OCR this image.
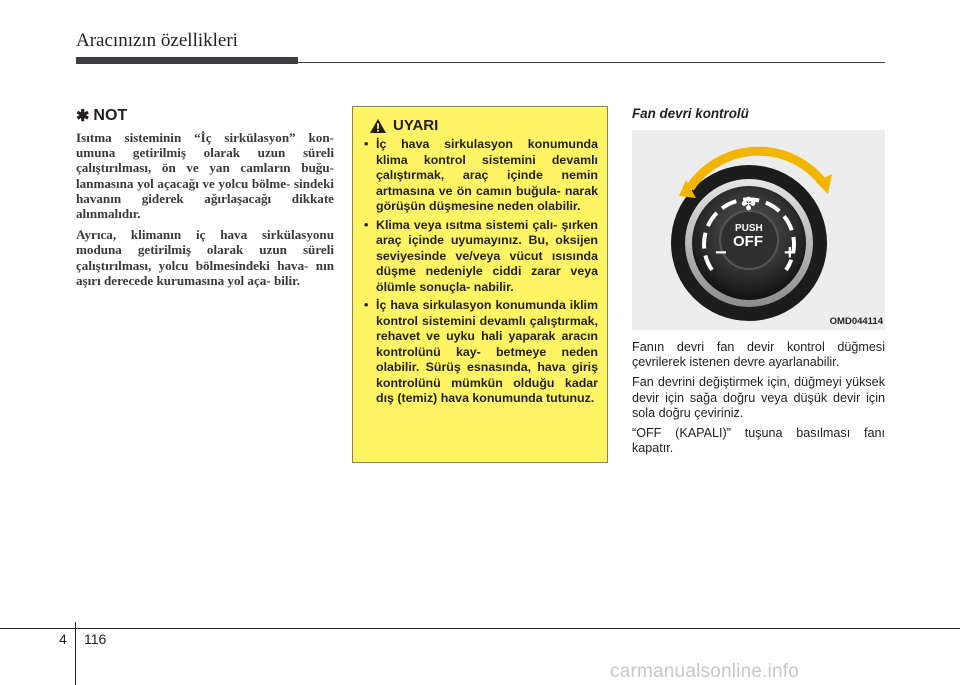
Aracınızın özellikleri
✱ NOT

Isıtma sisteminin “İç sirkülasyon” kon- umuna getirilmiş olarak uzun süreli çalıştırılması, ön ve yan camların buğu- lanmasına yol açacağı ve yolcu bölme- sindeki havanın giderek ağırlaşacağı dikkate alınmalıdır.

Ayrıca, klimanın iç hava sirkülasyonu moduna getirilmiş olarak uzun süreli çalıştırılması, yolcu bölmesindeki hava- nın aşırı derecede kurumasına yol aça- bilir.

UYARI
• İç hava sirkulasyon konumunda klima kontrol sistemini devamlı çalıştırmak, araç içinde nemin artmasına ve ön camın buğula- narak görüşün düşmesine neden olabilir.
• Klima veya ısıtma sistemi çalı- şırken araç içinde uyumayınız. Bu, oksijen seviyesinde ve/veya vücut ısısında düşme nedeniyle ciddi zarar veya ölümle sonuçla- nabilir.
• İç hava sirkulasyon konumunda iklim kontrol sistemini devamlı çalıştırmak, rehavet ve uyku hali yaparak aracın kontrolünü kay- betmeye neden olabilir. Sürüş esnasında, hava giriş kontrolünü mümkün olduğu kadar dış (temiz) hava konumunda tutunuz.
Fan devri kontrolü
✤
PUSH
OFF
−	+
OMD044114

Fanın devri fan devir kontrol düğmesi çevrilerek istenen devre ayarlanabilir.

Fan devrini değiştirmek için, düğmeyi yüksek devir için sağa doğru veya düşük devir için sola doğru çeviriniz.

“OFF (KAPALI)” tuşuna basılması fanı kapatır.

4 116
carmanualsonline.info
